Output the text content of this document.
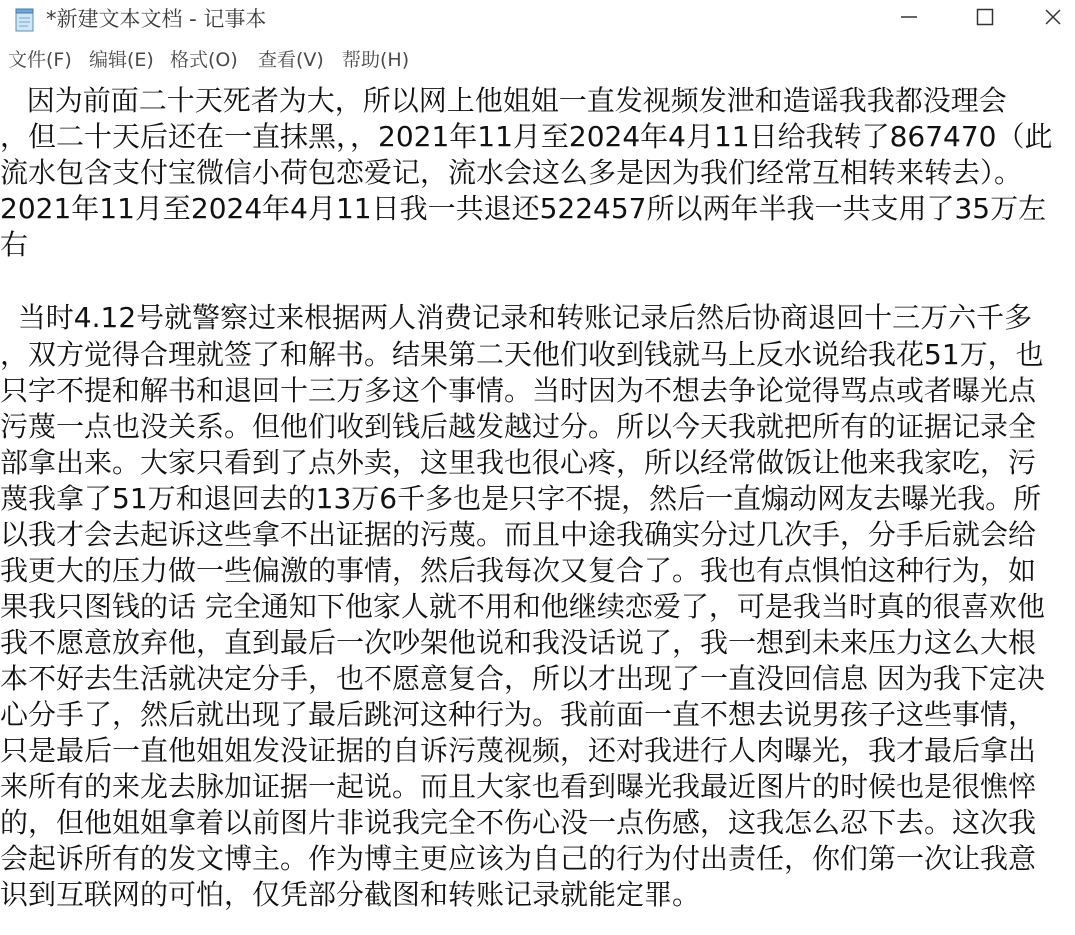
*新建文本文档 - 记事本
文件(F) 编辑(E) 格式(O) 查看(V) 帮助(H)
因为前面二十天死者为大，所以网上他姐姐一直发视频发泄和造谣我我都没理会
，但二十天后还在一直抹黑，，2021年11月至2024年4月11日给我转了867470（此
流水包含支付宝微信小荷包恋爱记，流水会这么多是因为我们经常互相转来转去）。
2021年11月至2024年4月11日我一共退还522457所以两年半我一共支用了35万左
右
当时4.12号就警察过来根据两人消费记录和转账记录后然后协商退回十三万六千多
，双方觉得合理就签了和解书。结果第二天他们收到钱就马上反水说给我花51万，也
只字不提和解书和退回十三万多这个事情。当时因为不想去争论觉得骂点或者曝光点
污蔑一点也没关系。但他们收到钱后越发越过分。所以今天我就把所有的证据记录全
部拿出来。大家只看到了点外卖，这里我也很心疼，所以经常做饭让他来我家吃，污
蔑我拿了51万和退回去的13万6千多也是只字不提，然后一直煽动网友去曝光我。所
以我才会去起诉这些拿不出证据的污蔑。而且中途我确实分过几次手，分手后就会给
我更大的压力做一些偏激的事情，然后我每次又复合了。我也有点惧怕这种行为，如
果我只图钱的话 完全通知下他家人就不用和他继续恋爱了，可是我当时真的很喜欢他
我不愿意放弃他，直到最后一次吵架他说和我没话说了，我一想到未来压力这么大根
本不好去生活就决定分手，也不愿意复合，所以才出现了一直没回信息 因为我下定决
心分手了，然后就出现了最后跳河这种行为。我前面一直不想去说男孩子这些事情，
只是最后一直他姐姐发没证据的自诉污蔑视频，还对我进行人肉曝光，我才最后拿出
来所有的来龙去脉加证据一起说。而且大家也看到曝光我最近图片的时候也是很憔悴
的，但他姐姐拿着以前图片非说我完全不伤心没一点伤感，这我怎么忍下去。这次我
会起诉所有的发文博主。作为博主更应该为自己的行为付出责任，你们第一次让我意
识到互联网的可怕，仅凭部分截图和转账记录就能定罪。
